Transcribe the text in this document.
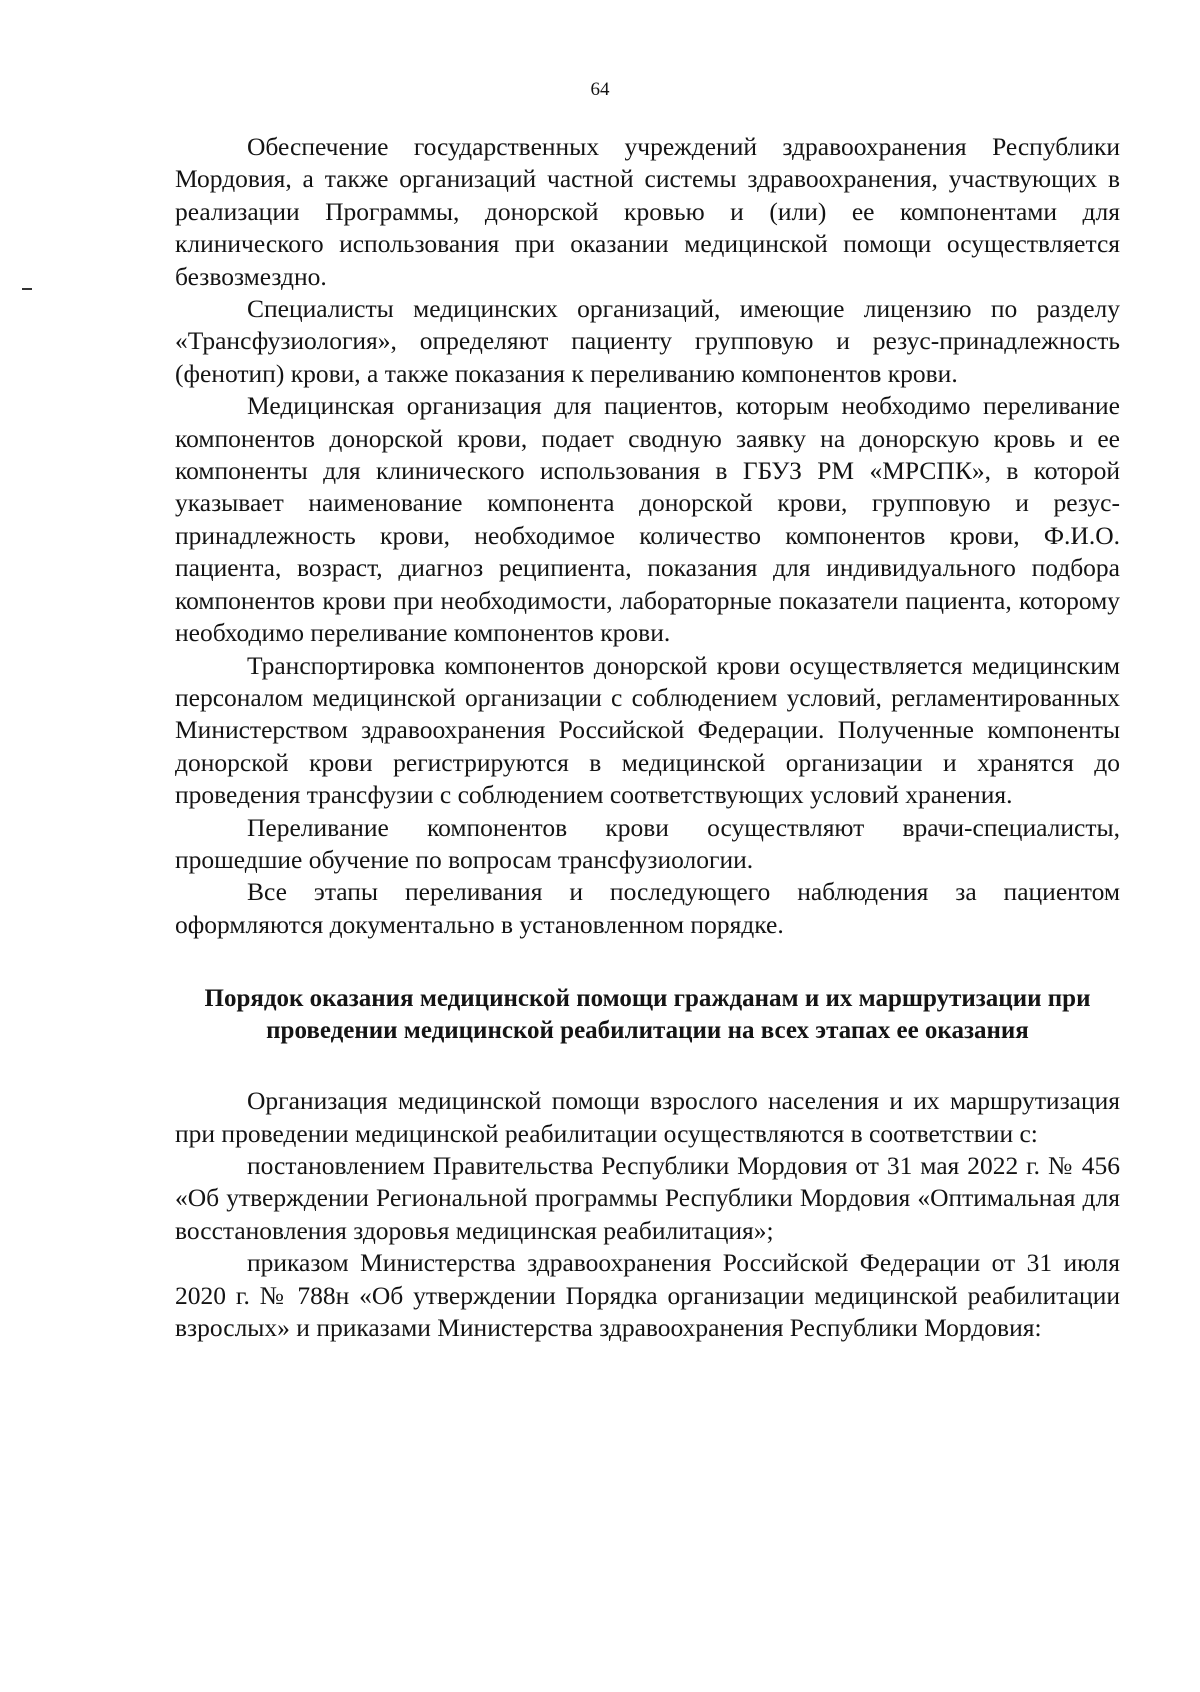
64

Обеспечение государственных учреждений здравоохранения Республики Мордовия, а также организаций частной системы здравоохранения, участвующих в реализации Программы, донорской кровью и (или) ее компонентами для клинического использования при оказании медицинской помощи осуществляется безвозмездно.

Специалисты медицинских организаций, имеющие лицензию по разделу «Трансфузиология», определяют пациенту групповую и резус-принадлежность (фенотип) крови, а также показания к переливанию компонентов крови.

Медицинская организация для пациентов, которым необходимо переливание компонентов донорской крови, подает сводную заявку на донорскую кровь и ее компоненты для клинического использования в ГБУЗ РМ «МРСПК», в которой указывает наименование компонента донорской крови, групповую и резус-принадлежность крови, необходимое количество компонентов крови, Ф.И.О. пациента, возраст, диагноз реципиента, показания для индивидуального подбора компонентов крови при необходимости, лабораторные показатели пациента, которому необходимо переливание компонентов крови.

Транспортировка компонентов донорской крови осуществляется медицинским персоналом медицинской организации с соблюдением условий, регламентированных Министерством здравоохранения Российской Федерации. Полученные компоненты донорской крови регистрируются в медицинской организации и хранятся до проведения трансфузии с соблюдением соответствующих условий хранения.

Переливание компонентов крови осуществляют врачи-специалисты, прошедшие обучение по вопросам трансфузиологии.

Все этапы переливания и последующего наблюдения за пациентом оформляются документально в установленном порядке.

Порядок оказания медицинской помощи гражданам и их маршрутизации при проведении медицинской реабилитации на всех этапах ее оказания

Организация медицинской помощи взрослого населения и их маршрутизация при проведении медицинской реабилитации осуществляются в соответствии с:

постановлением Правительства Республики Мордовия от 31 мая 2022 г. № 456 «Об утверждении Региональной программы Республики Мордовия «Оптимальная для восстановления здоровья медицинская реабилитация»;

приказом Министерства здравоохранения Российской Федерации от 31 июля 2020 г. № 788н «Об утверждении Порядка организации медицинской реабилитации взрослых» и приказами Министерства здравоохранения Республики Мордовия:
